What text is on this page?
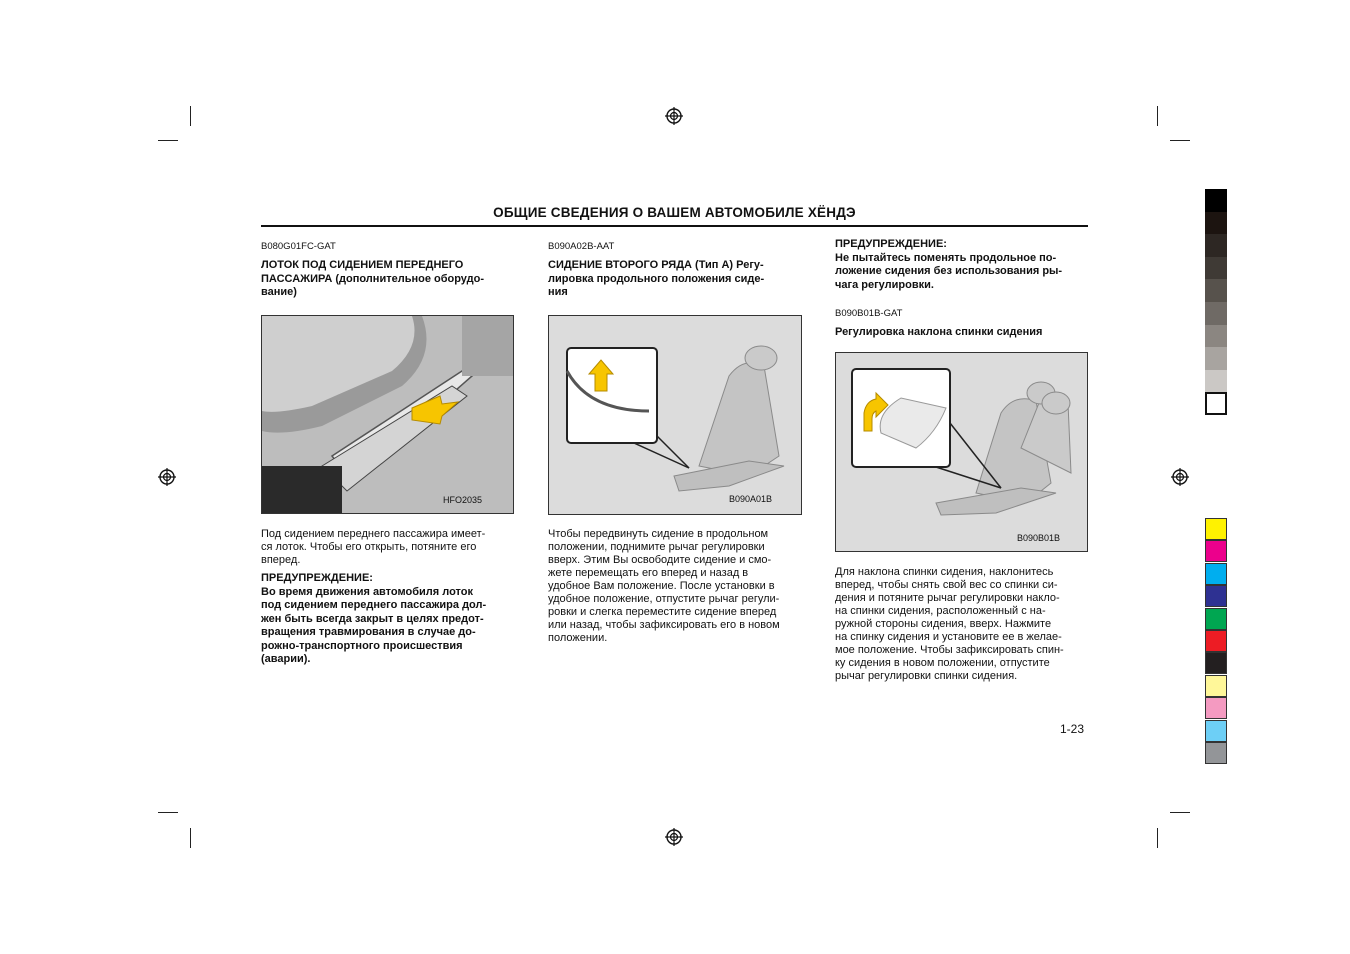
ОБЩИЕ СВЕДЕНИЯ О ВАШЕМ АВТОМОБИЛЕ ХЁНДЭ
B080G01FC-GAT
ЛОТОК ПОД СИДЕНИЕМ ПЕРЕДНЕГО
ПАССАЖИРА (дополнительное оборудо-
вание)
HFO2035
Под сидением переднего пассажира имеет-
ся лоток. Чтобы его открыть, потяните его
вперед.
ПРЕДУПРЕЖДЕНИЕ:
Во время движения автомобиля лоток
под сидением переднего пассажира дол-
жен быть всегда закрыт в целях предот-
вращения травмирования в случае до-
рожно-транспортного происшествия
(аварии).
B090A02B-AAT
СИДЕНИЕ ВТОРОГО РЯДА (Тип А) Регу-
лировка продольного положения сиде-
ния
B090A01B
Чтобы передвинуть сидение в продольном
положении, поднимите рычаг регулировки
вверх. Этим Вы освободите сидение и смо-
жете перемещать его вперед и назад в
удобное Вам положение. После установки в
удобное положение, отпустите рычаг регули-
ровки и слегка переместите сидение вперед
или назад, чтобы зафиксировать его в новом
положении.
ПРЕДУПРЕЖДЕНИЕ:
Не пытайтесь поменять продольное по-
ложение сидения без использования ры-
чага регулировки.
B090B01B-GAT
Регулировка наклона спинки сидения
B090B01B
Для наклона спинки сидения, наклонитесь
вперед, чтобы снять свой вес со спинки си-
дения и потяните рычаг регулировки накло-
на спинки сидения, расположенный с на-
ружной стороны сидения, вверх. Нажмите
на спинку сидения и установите ее в желае-
мое положение. Чтобы зафиксировать спин-
ку сидения в новом положении, отпустите
рычаг регулировки спинки сидения.
1-23
